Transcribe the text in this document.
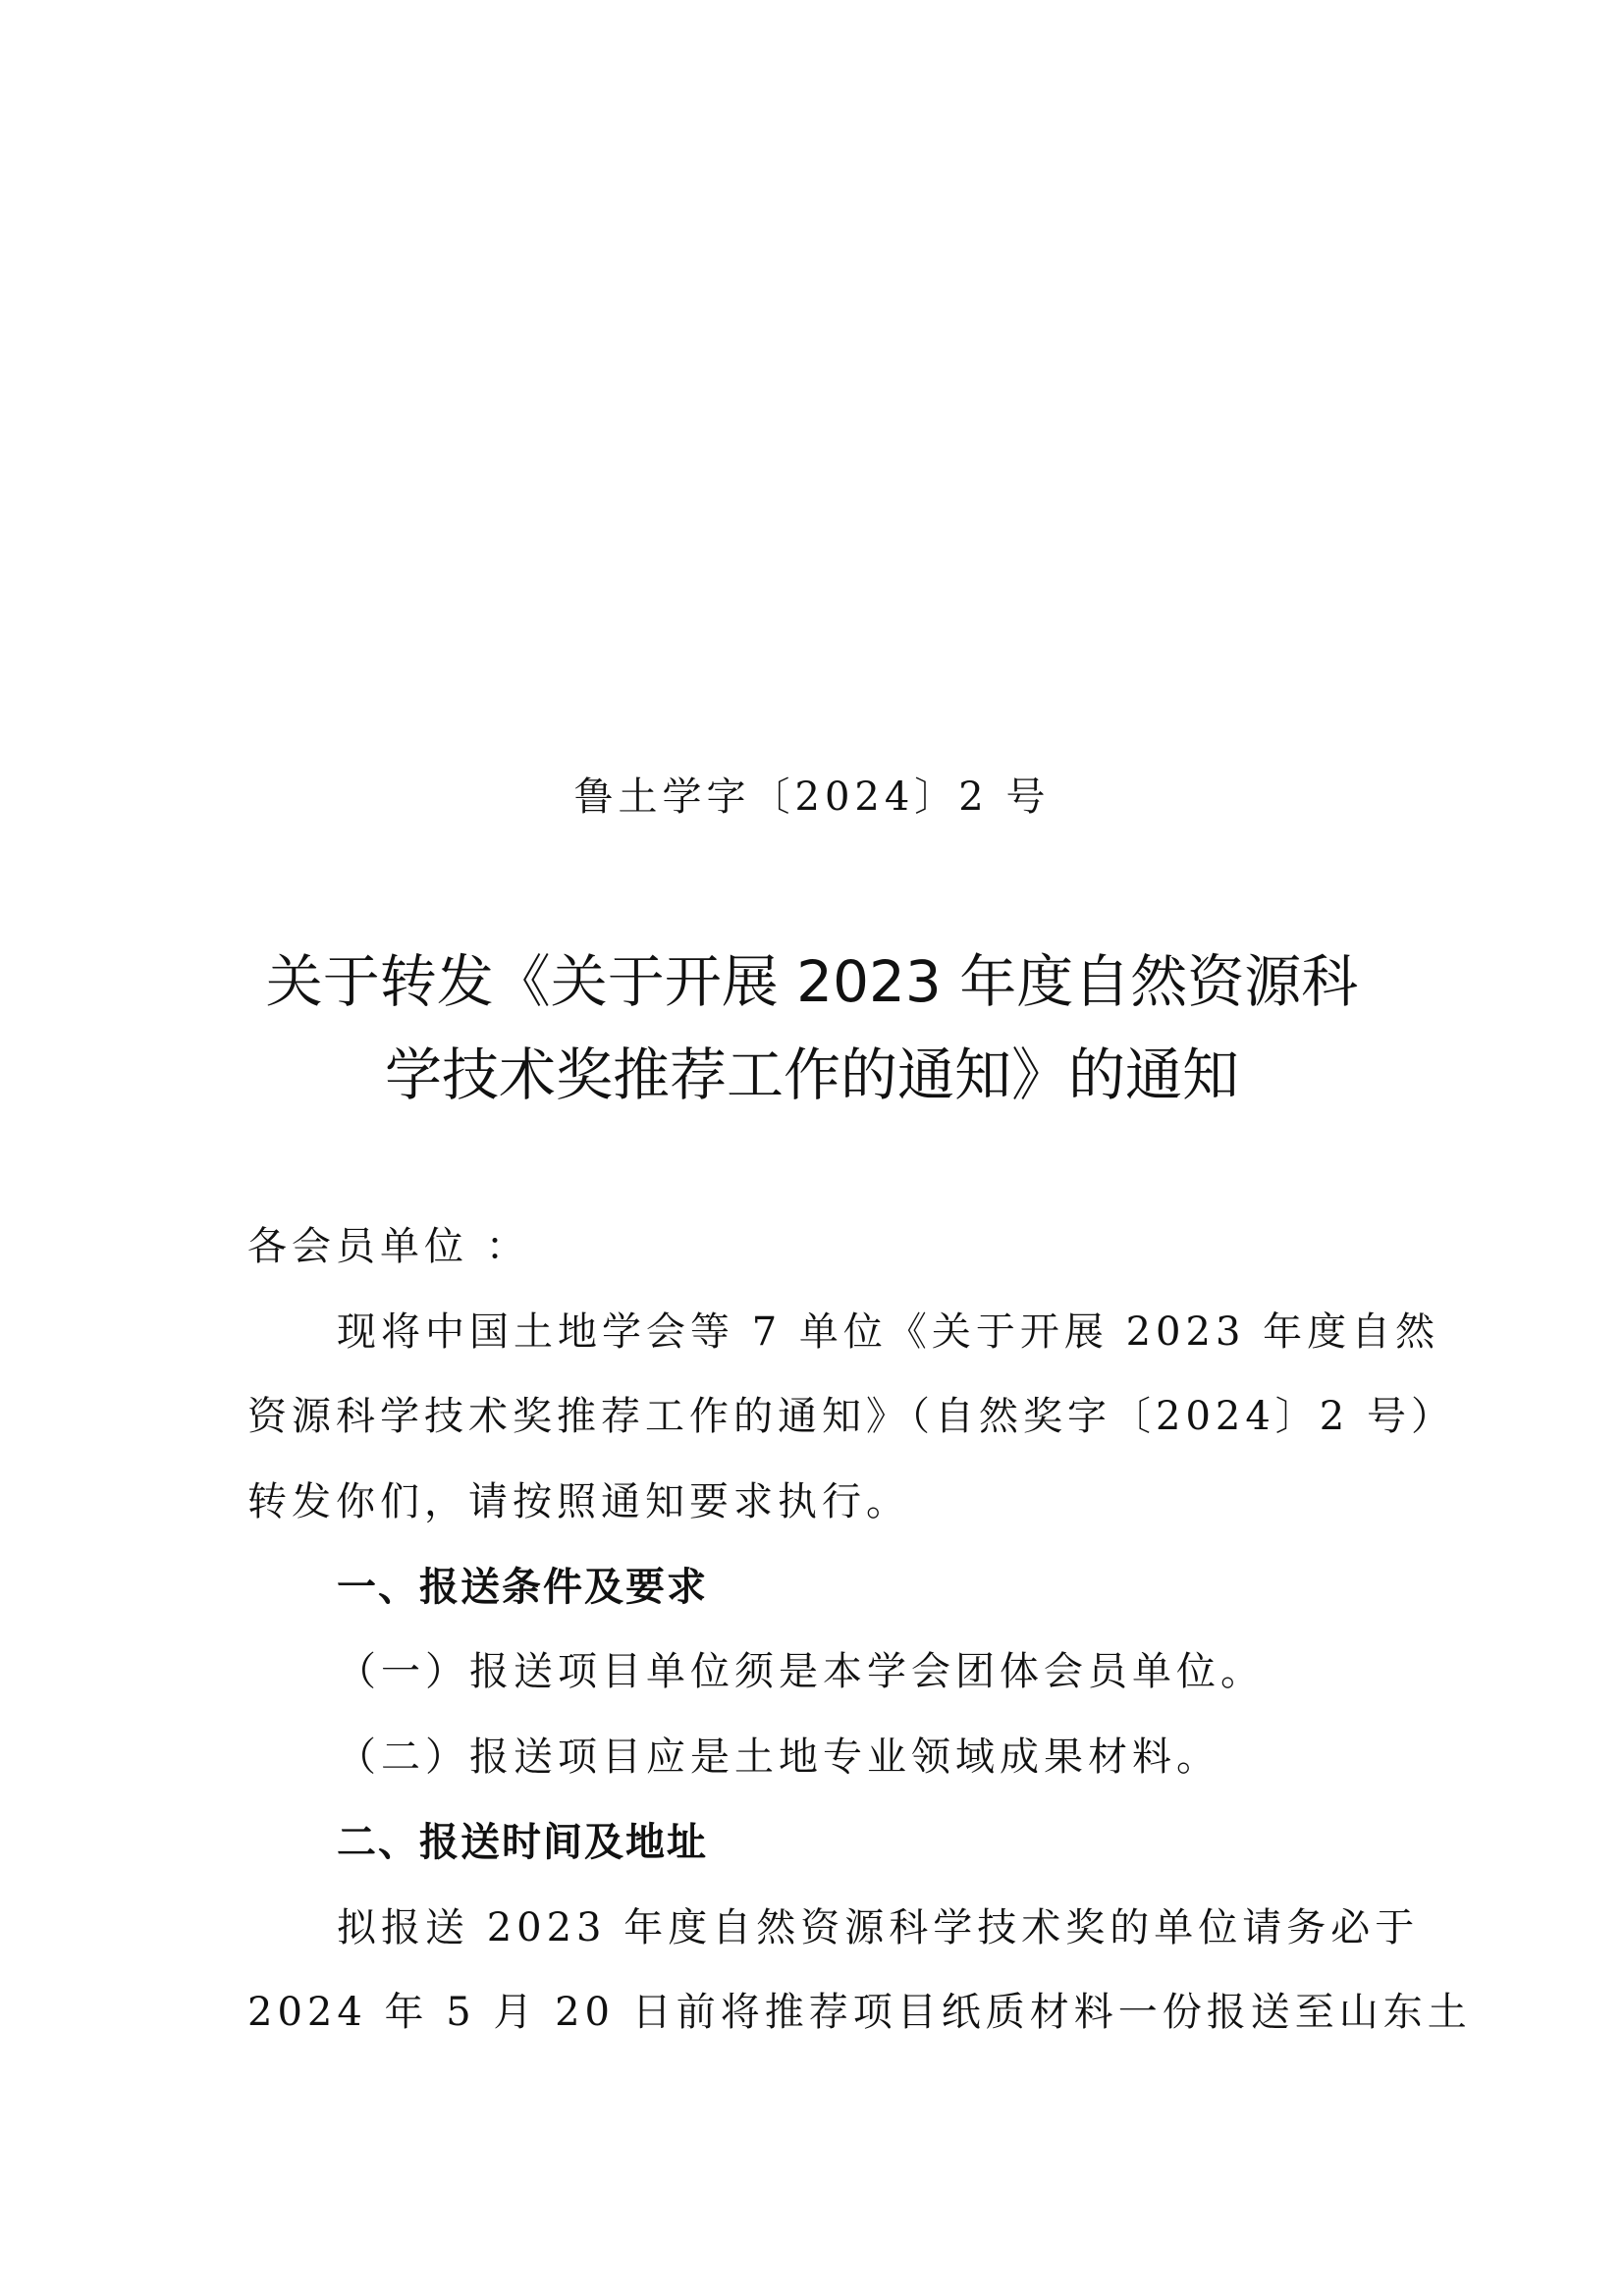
鲁土学字〔2024〕2 号
关于转发《关于开展 2023 年度自然资源科
学技术奖推荐工作的通知》的通知
各会员单位 ：
现将中国土地学会等 7 单位《关于开展 2023 年度自然
资源科学技术奖推荐工作的通知》（自然奖字〔2024〕2 号）
转发你们，请按照通知要求执行。
一、报送条件及要求
（一）报送项目单位须是本学会团体会员单位。
（二）报送项目应是土地专业领域成果材料。
二、报送时间及地址
拟报送 2023 年度自然资源科学技术奖的单位请务必于
2024 年 5 月 20 日前将推荐项目纸质材料一份报送至山东土
